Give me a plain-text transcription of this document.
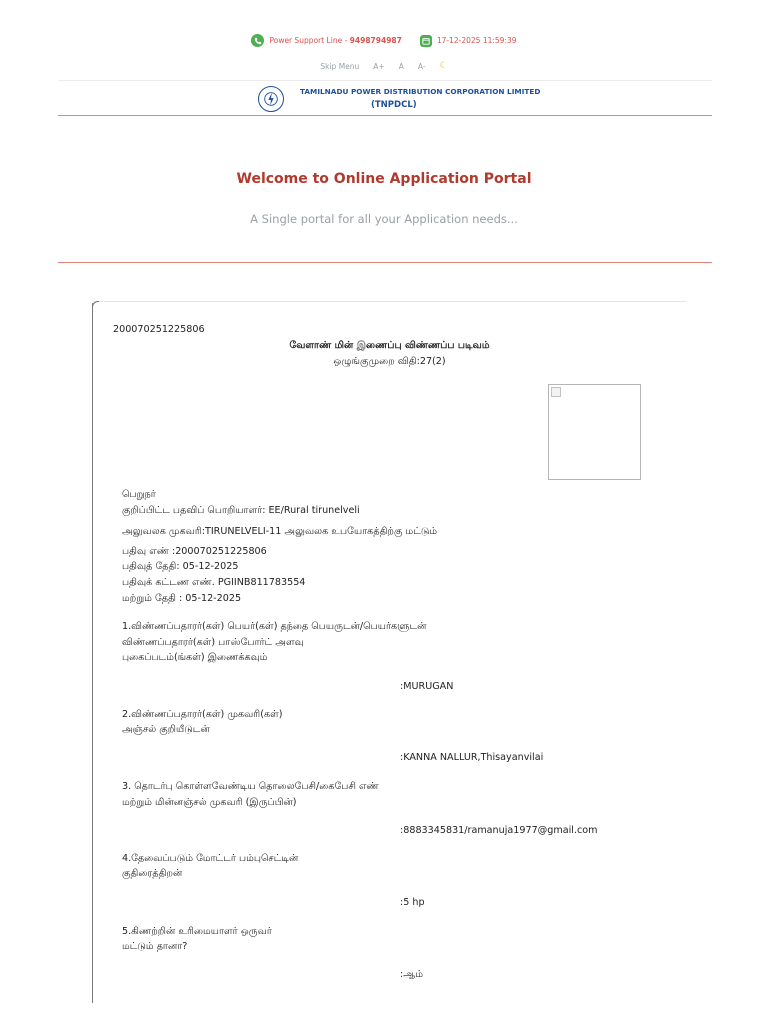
Power Support Line - 9498794987	17-12-2025 11:59:39
Skip Menu A+ A A- ☾
TAMILNADU POWER DISTRIBUTION CORPORATION LIMITED
(TNPDCL)
Welcome to Online Application Portal
A Single portal for all your Application needs...
200070251225806
வேளாண் மின் இணைப்பு விண்ணப்ப படிவம்
ஒழுங்குமுறை விதி:27(2)
பெறுநர்
குறிப்பிட்ட பதவிப் பொறியாளர்: EE/Rural tirunelveli
அலுவலக முகவரி:TIRUNELVELI-11 அலுவலக உபயோகத்திற்கு மட்டும்
பதிவு எண் :200070251225806
பதிவுத் தேதி: 05-12-2025
பதிவுக் கட்டண எண். PGIINB811783554
மற்றும் தேதி : 05-12-2025
1.விண்ணப்பதாரர்(கள்) பெயர்(கள்) தந்தை பெயருடன்/பெயர்களுடன்
விண்ணப்பதாரர்(கள்) பாஸ்போர்ட் அளவு
புகைப்படம்(ங்கள்) இணைக்கவும்
:MURUGAN
2.விண்ணப்பதாரர்(கள்) முகவரி(கள்)
அஞ்சல் குறியீடுடன்
:KANNA NALLUR,Thisayanvilai
3. தொடர்பு கொள்ளவேண்டிய தொலைபேசி/கைபேசி எண்
மற்றும் மின்னஞ்சல் முகவரி (இருப்பின்)
:8883345831/ramanuja1977@gmail.com
4.தேவைப்படும் மோட்டர் பம்புசெட்டின்
குதிரைத்திறன்
:5 hp
5.கிணற்றின் உரிமையாளர் ஒருவர்
மட்டும் தானா?
:ஆம்
